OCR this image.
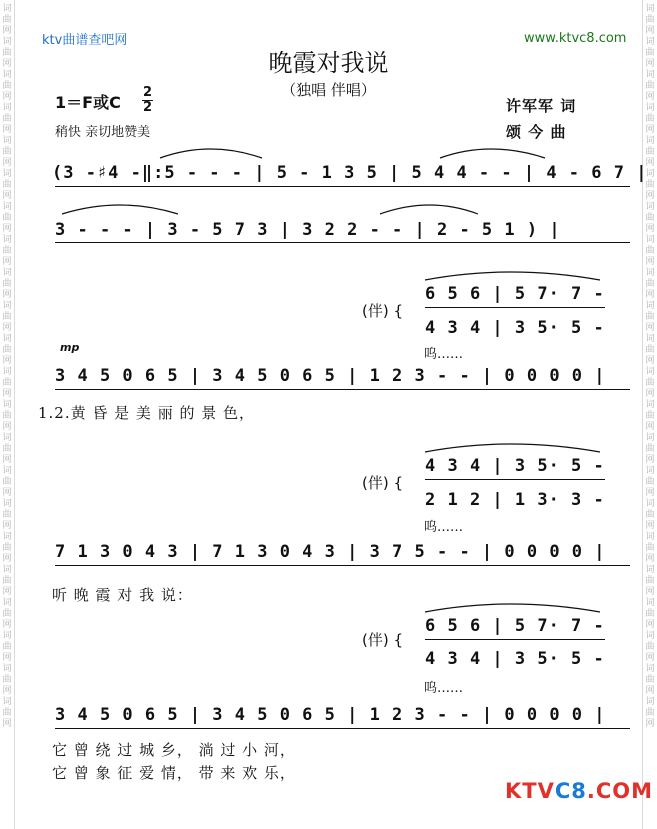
词曲网词曲网词曲网词曲网词曲网词曲网词曲网词曲网词曲网词曲网词曲网词曲网词曲网词曲网词曲网词曲网词曲网词曲网词曲网词曲网词曲网词曲网
词曲网词曲网词曲网词曲网词曲网词曲网词曲网词曲网词曲网词曲网词曲网词曲网词曲网词曲网词曲网词曲网词曲网词曲网词曲网词曲网词曲网词曲网
ktv曲谱查吧网	www.ktvc8.com
晚霞对我说
（独唱 伴唱）
1＝F或C
2
2
稍快 亲切地赞美
许军军 词
颂 今 曲
(3 -♯4 -‖:5 - - - | 5 - 1 3 5 | 5 4 4 - - | 4 - 6 7 |
3 - - - | 3 - 5 7 3 | 3 2 2 - - | 2 - 5 1 ) |
(伴) {
6 5 6 | 5 7· 7 -
4 3 4 | 3 5· 5 -
呜……
mp
3 4 5 0 6 5 | 3 4 5 0 6 5 | 1 2 3 - - | 0 0 0 0 |
1.2.黄 昏 是 美 丽 的 景 色，
(伴) {
4 3 4 | 3 5· 5 -
2 1 2 | 1 3· 3 -
呜……
7 1 3 0 4 3 | 7 1 3 0 4 3 | 3 7 5 - - | 0 0 0 0 |
听 晚 霞 对 我 说：
(伴) {
6 5 6 | 5 7· 7 -
4 3 4 | 3 5· 5 -
呜……
3 4 5 0 6 5 | 3 4 5 0 6 5 | 1 2 3 - - | 0 0 0 0 |
它 曾 绕 过 城 乡， 淌 过 小 河，
它 曾 象 征 爱 情， 带 来 欢 乐，
KTVC8.COM
